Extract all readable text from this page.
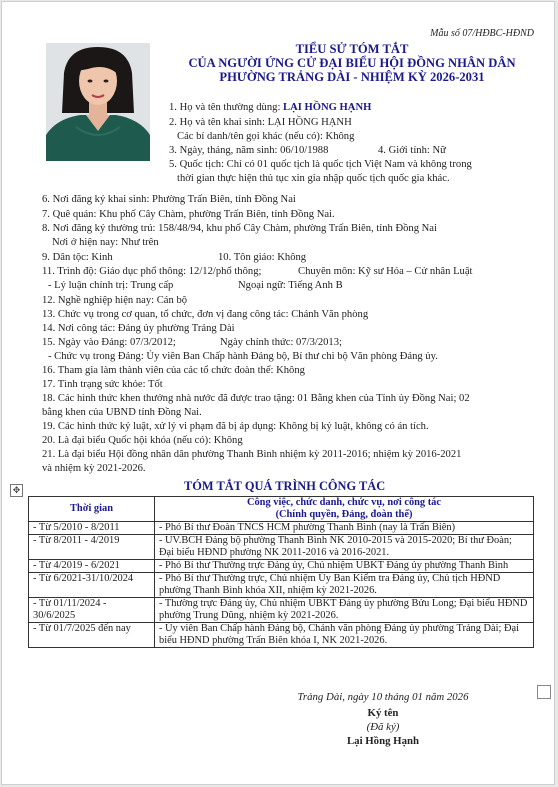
Mẫu số 07/HĐBC-HĐND
TIỂU SỬ TÓM TẮT
CỦA NGƯỜI ỨNG CỬ ĐẠI BIỂU HỘI ĐỒNG NHÂN DÂN
PHƯỜNG TRẢNG DÀI - NHIỆM KỲ 2026-2031
1. Họ và tên thường dùng: LẠI HỒNG HẠNH
2. Họ và tên khai sinh: LẠI HỒNG HẠNH
Các bí danh/tên gọi khác (nếu có): Không
3. Ngày, tháng, năm sinh: 06/10/1988	4. Giới tính: Nữ
5. Quốc tịch: Chỉ có 01 quốc tịch là quốc tịch Việt Nam và không trong
thời gian thực hiện thủ tục xin gia nhập quốc tịch quốc gia khác.
6. Nơi đăng ký khai sinh: Phường Trấn Biên, tỉnh Đồng Nai
7. Quê quán: Khu phố Cây Chàm, phường Trấn Biên, tỉnh Đồng Nai.
8. Nơi đăng ký thường trú: 158/48/94, khu phố Cây Chàm, phường Trấn Biên, tỉnh Đồng Nai
Nơi ở hiện nay: Như trên
9. Dân tộc: Kinh	10. Tôn giáo: Không
11. Trình độ: Giáo dục phổ thông: 12/12/phổ thông;	Chuyên môn: Kỹ sư Hóa – Cử nhân Luật
- Lý luận chính trị: Trung cấp	Ngoại ngữ: Tiếng Anh B
12. Nghề nghiệp hiện nay: Cán bộ
13. Chức vụ trong cơ quan, tổ chức, đơn vị đang công tác: Chánh Văn phòng
14. Nơi công tác: Đảng ủy phường Trảng Dài
15. Ngày vào Đảng: 07/3/2012;	Ngày chính thức: 07/3/2013;
- Chức vụ trong Đảng: Ủy viên Ban Chấp hành Đảng bộ, Bí thư chi bộ Văn phòng Đảng ủy.
16. Tham gia làm thành viên của các tổ chức đoàn thể: Không
17. Tình trạng sức khỏe: Tốt
18. Các hình thức khen thưởng nhà nước đã được trao tặng: 01 Bằng khen của Tỉnh ủy Đồng Nai; 02
bằng khen của UBND tỉnh Đồng Nai.
19. Các hình thức kỷ luật, xử lý vi phạm đã bị áp dụng: Không bị kỷ luật, không có án tích.
20. Là đại biểu Quốc hội khóa (nếu có): Không
21. Là đại biểu Hội đồng nhân dân phường Thanh Bình nhiệm kỳ 2011-2016; nhiệm kỳ 2016-2021
và nhiệm kỳ 2021-2026.
TÓM TẮT QUÁ TRÌNH CÔNG TÁC
✥
Thời gian	Công việc, chức danh, chức vụ, nơi công tác
(Chính quyền, Đảng, đoàn thể)

- Từ 5/2010 - 8/2011	- Phó Bí thư Đoàn TNCS HCM phường Thanh Bình (nay là Trấn Biên)
- Từ 8/2011 - 4/2019	- UV.BCH Đảng bộ phường Thanh Bình NK 2010-2015 và 2015-2020; Bí thư Đoàn; Đại biểu HĐND phường NK 2011-2016 và 2016-2021.
- Từ 4/2019 - 6/2021	- Phó Bí thư Thường trực Đảng ủy, Chủ nhiệm UBKT Đảng ủy phường Thanh Bình
- Từ 6/2021-31/10/2024	- Phó Bí thư Thường trực, Chủ nhiệm Ủy Ban Kiểm tra Đảng ủy, Chủ tịch HĐND phường Thanh Bình khóa XII, nhiệm kỳ 2021-2026.
- Từ 01/11/2024 - 30/6/2025	- Thường trực Đảng ủy, Chủ nhiệm UBKT Đảng ủy phường Bửu Long; Đại biểu HĐND phường Trung Dũng, nhiệm kỳ 2021-2026.
- Từ 01/7/2025 đến nay	- Ủy viên Ban Chấp hành Đảng bộ, Chánh văn phòng Đảng ủy phường Trảng Dài; Đại biểu HĐND phường Trấn Biên khóa I, NK 2021-2026.
Trảng Dài, ngày 10 tháng 01 năm 2026
Ký tên
(Đã ký)
Lại Hồng Hạnh
